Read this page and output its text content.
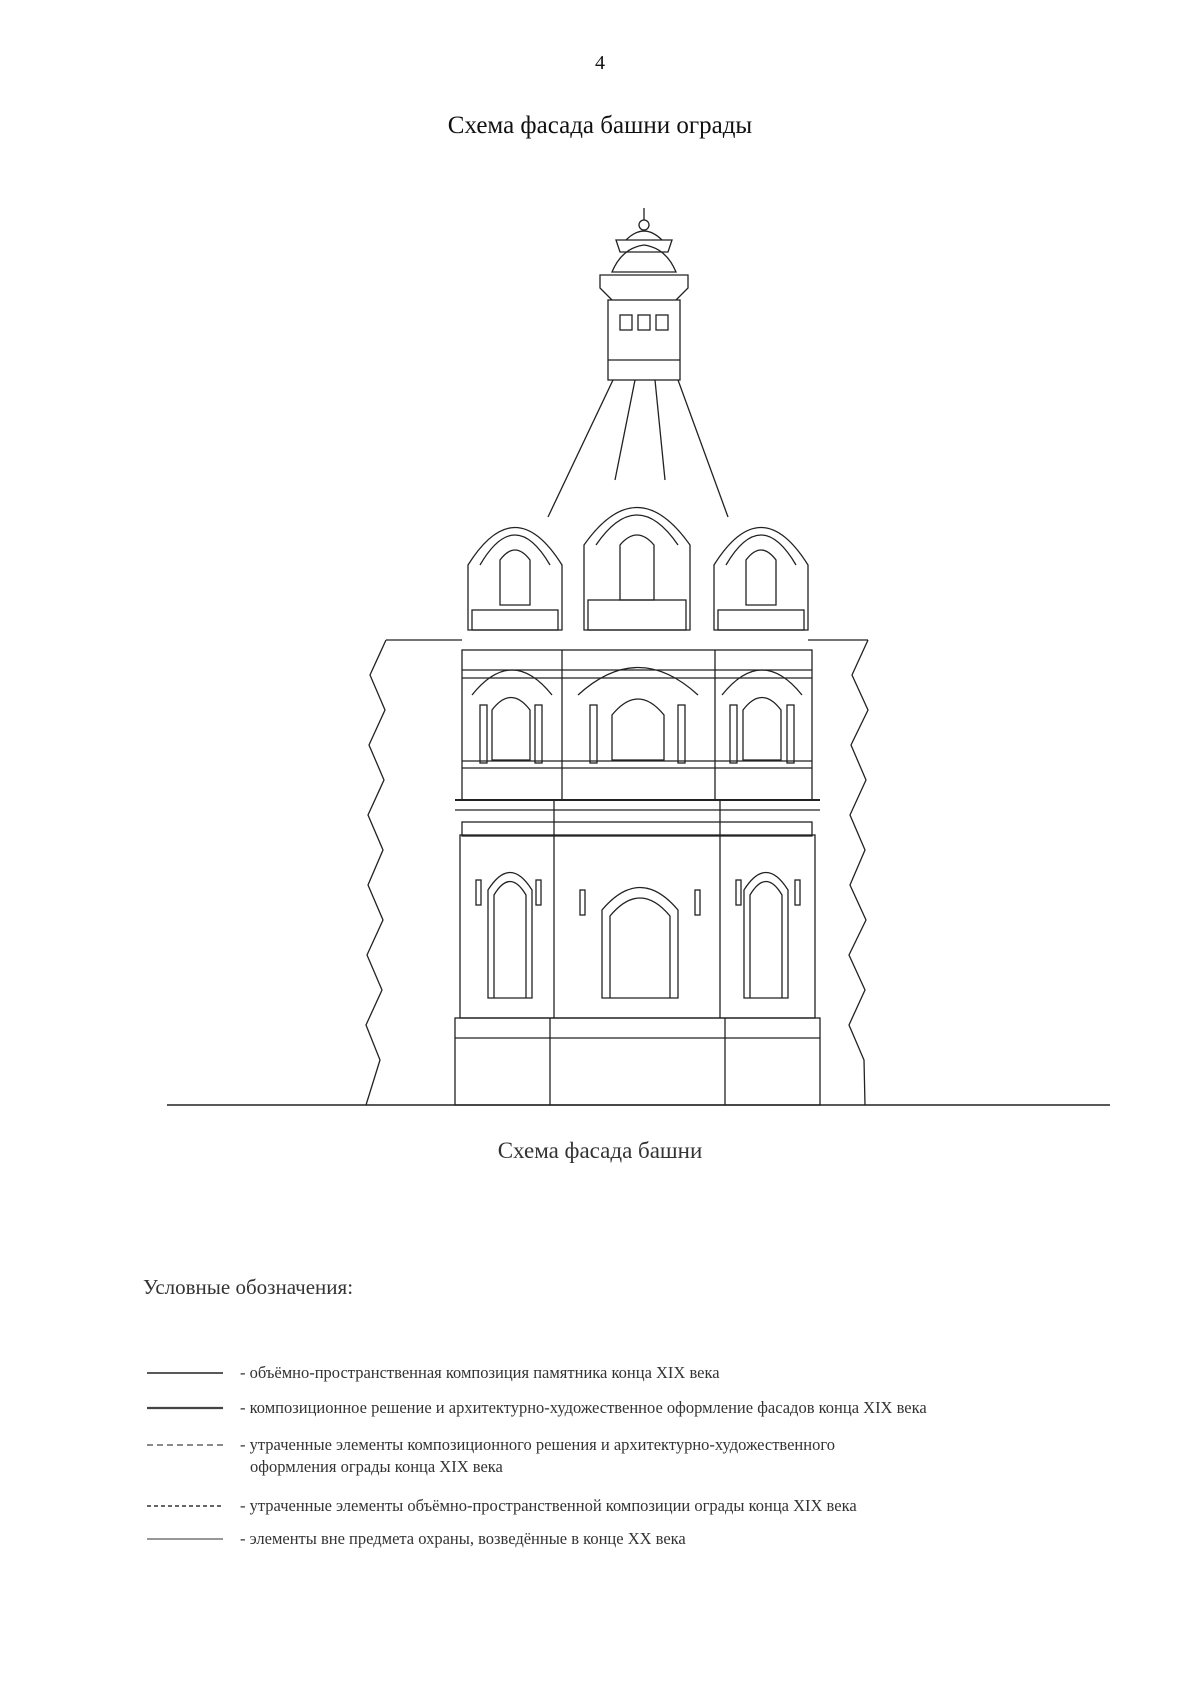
4
Схема фасада башни ограды
Схема фасада башни
Условные обозначения:
- объёмно-пространственная композиция памятника конца XIX века
- композиционное решение и архитектурно-художественное оформление фасадов конца XIX века
- утраченные элементы композиционного решения и архитектурно-художественного
оформления ограды конца XIX века
- утраченные элементы объёмно-пространственной композиции ограды конца XIX века
- элементы вне предмета охраны, возведённые в конце XX века
